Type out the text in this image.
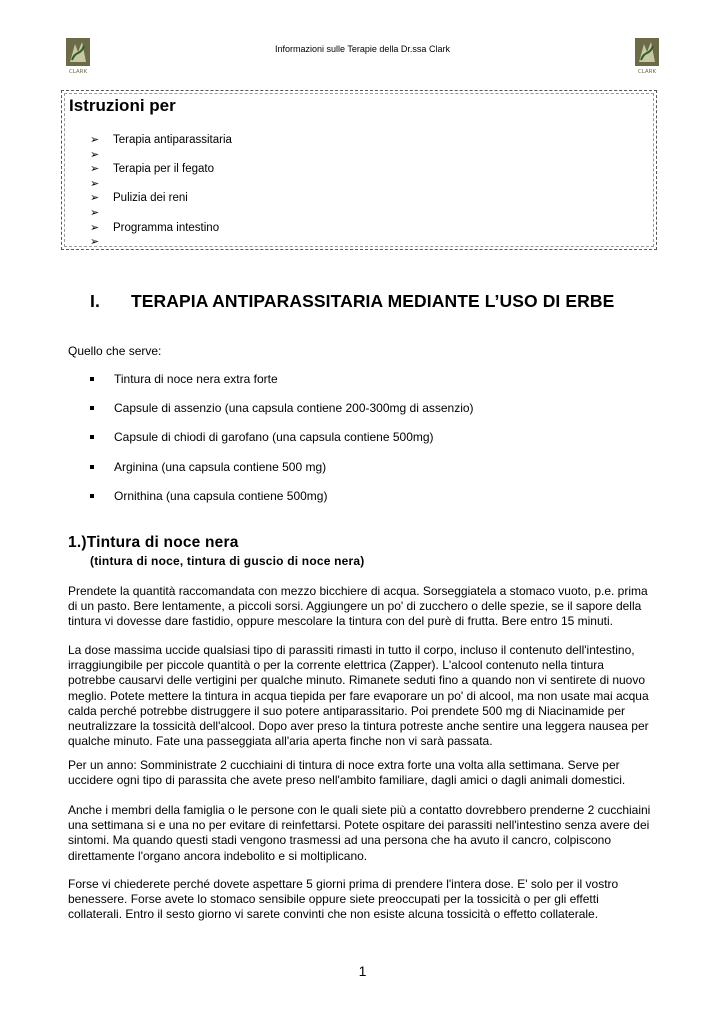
CLARK
Informazioni sulle Terapie della Dr.ssa Clark
CLARK
Istruzioni per
➢ Terapia antiparassitaria
➢
➢ Terapia per il fegato
➢
➢ Pulizia dei reni
➢
➢ Programma intestino
➢
I. TERAPIA ANTIPARASSITARIA MEDIANTE L’USO DI ERBE
Quello che serve:
Tintura di noce nera extra forte
Capsule di assenzio (una capsula contiene 200-300mg di assenzio)
Capsule di chiodi di garofano (una capsula contiene 500mg)
Arginina (una capsula contiene 500 mg)
Ornithina (una capsula contiene 500mg)
1.)Tintura di noce nera
(tintura di noce, tintura di guscio di noce nera)
Prendete la quantità raccomandata con mezzo bicchiere di acqua. Sorseggiatela a stomaco vuoto, p.e. prima
di un pasto. Bere lentamente, a piccoli sorsi. Aggiungere un po' di zucchero o delle spezie, se il sapore della
tintura vi dovesse dare fastidio, oppure mescolare la tintura con del purè di frutta. Bere entro 15 minuti.
La dose massima uccide qualsiasi tipo di parassiti rimasti in tutto il corpo, incluso il contenuto dell'intestino,
irraggiungibile per piccole quantità o per la corrente elettrica (Zapper). L'alcool contenuto nella tintura
potrebbe causarvi delle vertigini per qualche minuto. Rimanete seduti fino a quando non vi sentirete di nuovo
meglio. Potete mettere la tintura in acqua tiepida per fare evaporare un po' di alcool, ma non usate mai acqua
calda perché potrebbe distruggere il suo potere antiparassitario. Poi prendete 500 mg di Niacinamide per
neutralizzare la tossicità dell'alcool. Dopo aver preso la tintura potreste anche sentire una leggera nausea per
qualche minuto. Fate una passeggiata all'aria aperta finche non vi sarà passata.
Per un anno: Somministrate 2 cucchiaini di tintura di noce extra forte una volta alla settimana. Serve per
uccidere ogni tipo di parassita che avete preso nell'ambito familiare, dagli amici o dagli animali domestici.
Anche i membri della famiglia o le persone con le quali siete più a contatto dovrebbero prenderne 2 cucchiaini
una settimana si e una no per evitare di reinfettarsi. Potete ospitare dei parassiti nell'intestino senza avere dei
sintomi. Ma quando questi stadi vengono trasmessi ad una persona che ha avuto il cancro, colpiscono
direttamente l'organo ancora indebolito e si moltiplicano.
Forse vi chiederete perché dovete aspettare 5 giorni prima di prendere l'intera dose. E' solo per il vostro
benessere. Forse avete lo stomaco sensibile oppure siete preoccupati per la tossicità o per gli effetti
collaterali. Entro il sesto giorno vi sarete convinti che non esiste alcuna tossicità o effetto collaterale.
1
